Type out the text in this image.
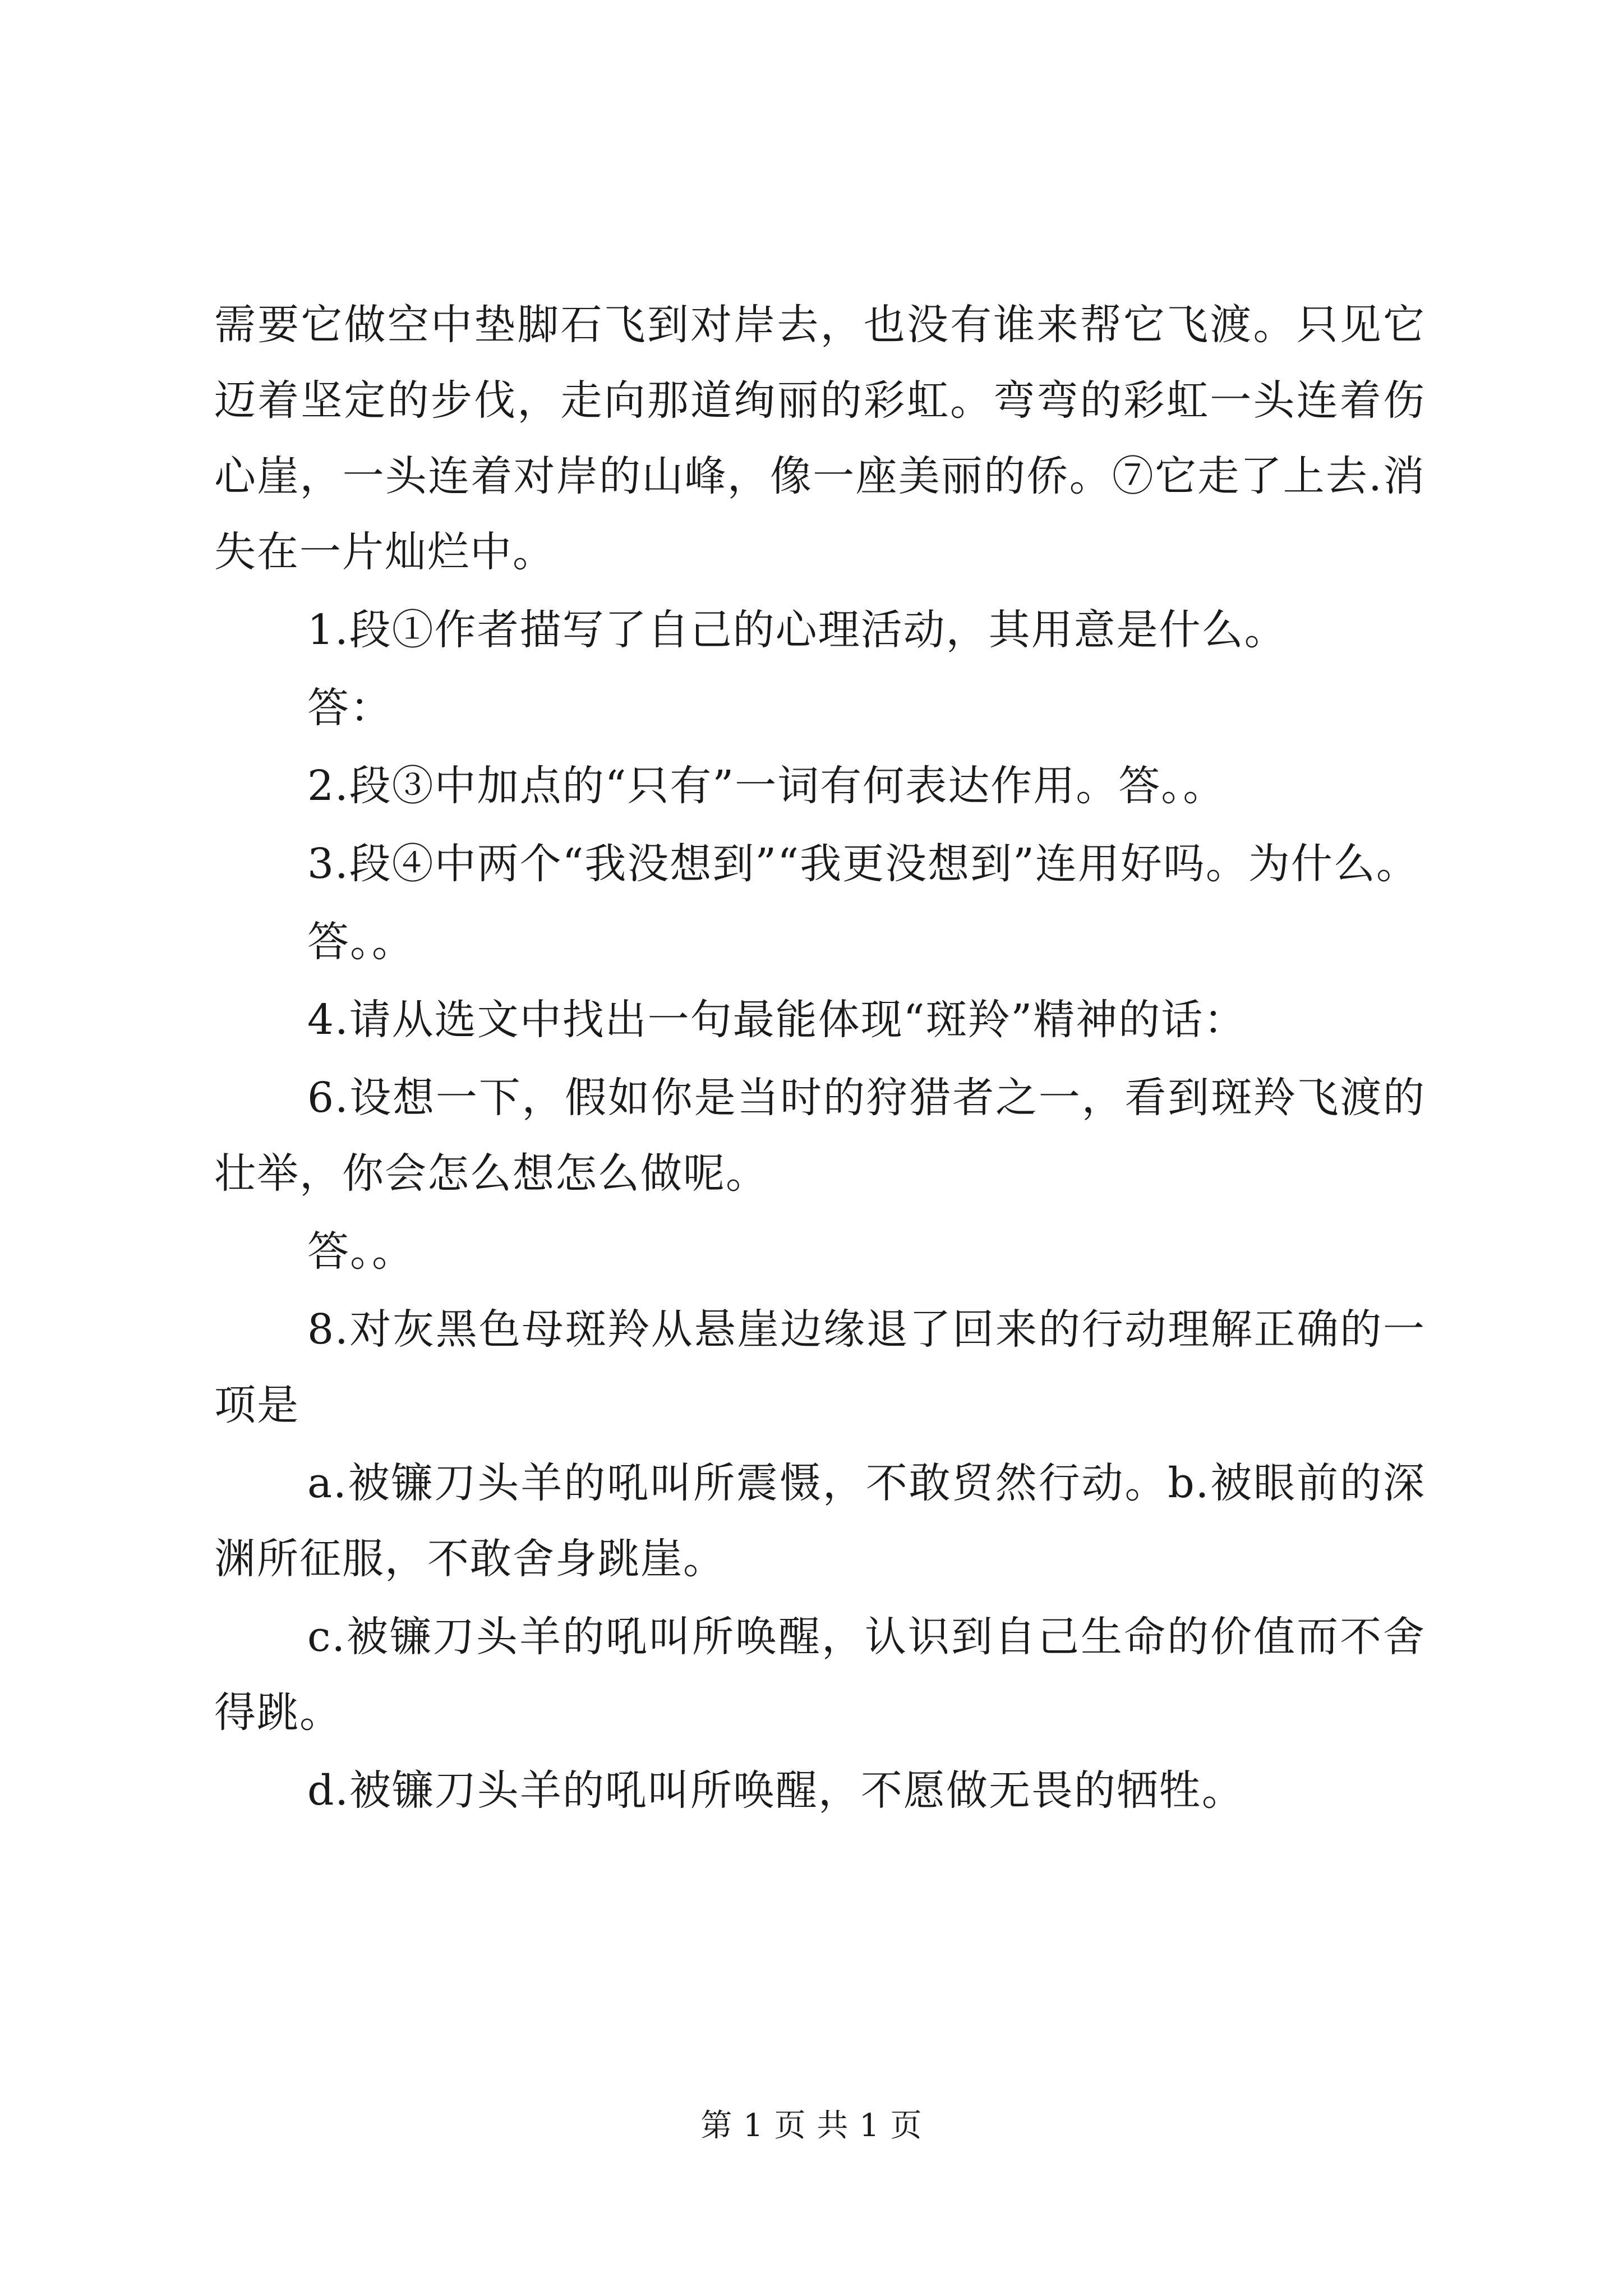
需要它做空中垫脚石飞到对岸去，也没有谁来帮它飞渡。只见它迈着坚定的步伐，走向那道绚丽的彩虹。弯弯的彩虹一头连着伤心崖，一头连着对岸的山峰，像一座美丽的侨。⑦它走了上去.消失在一片灿烂中。

1.段①作者描写了自己的心理活动，其用意是什么。

答：

2.段③中加点的“只有”一词有何表达作用。答。。

3.段④中两个“我没想到”“我更没想到”连用好吗。为什么。

答。。

4.请从选文中找出一句最能体现“斑羚”精神的话：

6.设想一下，假如你是当时的狩猎者之一，看到斑羚飞渡的壮举，你会怎么想怎么做呢。

答。。

8.对灰黑色母斑羚从悬崖边缘退了回来的行动理解正确的一项是

a.被镰刀头羊的吼叫所震慑，不敢贸然行动。b.被眼前的深渊所征服，不敢舍身跳崖。

c.被镰刀头羊的吼叫所唤醒，认识到自己生命的价值而不舍得跳。

d.被镰刀头羊的吼叫所唤醒，不愿做无畏的牺牲。

第 1 页 共 1 页
